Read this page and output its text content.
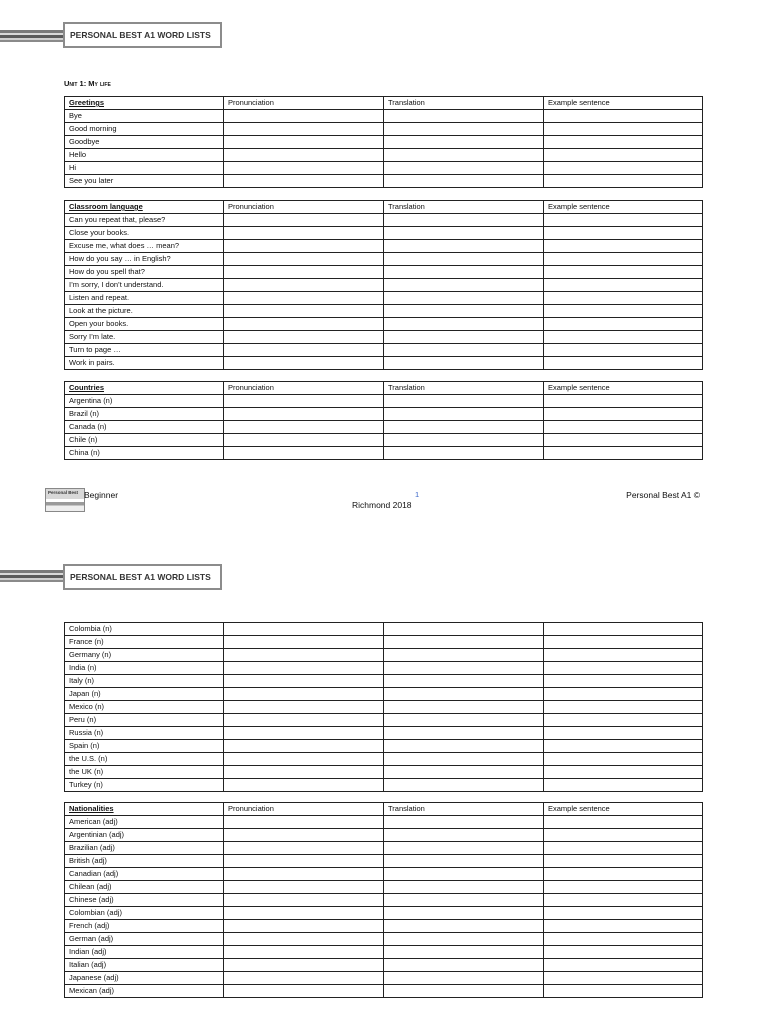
PERSONAL BEST A1 WORD LISTS
Unit 1: My life
Greetings	Pronunciation	Translation	Example sentence
Bye			
Good morning			
Goodbye			
Hello			
Hi			
See you later			
Classroom language	Pronunciation	Translation	Example sentence
Can you repeat that, please?			
Close your books.			
Excuse me, what does … mean?			
How do you say … in English?			
How do you spell that?			
I’m sorry, I don’t understand.			
Listen and repeat.			
Look at the picture.			
Open your books.			
Sorry I’m late.			
Turn to page …			
Work in pairs.			
Countries	Pronunciation	Translation	Example sentence
Argentina (n)			
Brazil (n)			
Canada (n)			
Chile (n)			
China (n)			
Personal Best Beginner	1
Richmond 2018
Personal Best A1 ©
PERSONAL BEST A1 WORD LISTS
Colombia (n)			
France (n)			
Germany (n)			
India (n)			
Italy (n)			
Japan (n)			
Mexico (n)			
Peru (n)			
Russia (n)			
Spain (n)			
the U.S. (n)			
the UK (n)			
Turkey (n)			
Nationalities	Pronunciation	Translation	Example sentence
American (adj)			
Argentinian (adj)			
Brazilian (adj)			
British (adj)			
Canadian (adj)			
Chilean (adj)			
Chinese (adj)			
Colombian (adj)			
French (adj)			
German (adj)			
Indian (adj)			
Italian (adj)			
Japanese (adj)			
Mexican (adj)			
